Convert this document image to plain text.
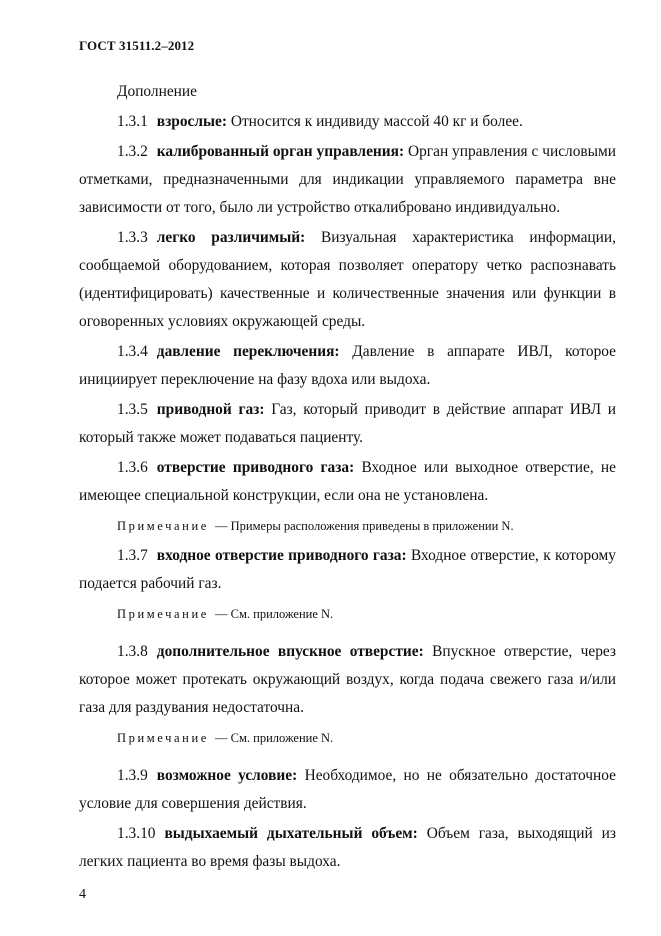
ГОСТ 31511.2–2012

Дополнение

1.3.1 взрослые: Относится к индивиду массой 40 кг и более.

1.3.2 калиброванный орган управления: Орган управления с числовыми отметками, предназначенными для индикации управляемого параметра вне зависимости от того, было ли устройство откалибровано индивидуально.

1.3.3 легко различимый: Визуальная характеристика информации, сообщаемой оборудованием, которая позволяет оператору четко распознавать (идентифицировать) качественные и количественные значения или функции в оговоренных условиях окружающей среды.

1.3.4 давление переключения: Давление в аппарате ИВЛ, которое инициирует переключение на фазу вдоха или выдоха.

1.3.5 приводной газ: Газ, который приводит в действие аппарат ИВЛ и который также может подаваться пациенту.

1.3.6 отверстие приводного газа: Входное или выходное отверстие, не имеющее специальной конструкции, если она не установлена.

Примечание — Примеры расположения приведены в приложении N.

1.3.7 входное отверстие приводного газа: Входное отверстие, к которому подается рабочий газ.

Примечание — См. приложение N.

1.3.8 дополнительное впускное отверстие: Впускное отверстие, через которое может протекать окружающий воздух, когда подача свежего газа и/или газа для раздувания недостаточна.

Примечание — См. приложение N.

1.3.9 возможное условие: Необходимое, но не обязательно достаточное условие для совершения действия.

1.3.10 выдыхаемый дыхательный объем: Объем газа, выходящий из легких пациента во время фазы выдоха.

4
